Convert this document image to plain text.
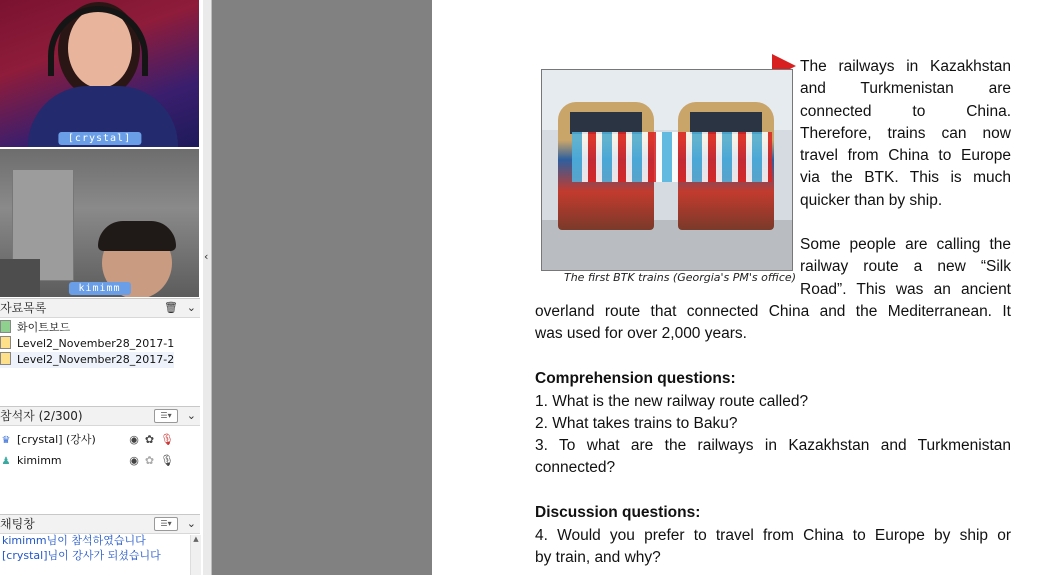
[crystal]
kimimm
자료목록	🗑 ⌄
화이트보드
Level2_November28_2017-1
Level2_November28_2017-2
참석자 (2/300)	☰▾	⌄
♛ [crystal] (강사)	◉✿🎙
♟ kimimm	◉✿🎙
채팅창	☰▾	⌄
kimimm님이 참석하였습니다
[crystal]님이 강사가 되셨습니다
▲
‹
The first BTK trains (Georgia's PM's office)
The railways in Kazakhstan
and Turkmenistan are
connected to China.
Therefore, trains can now
travel from China to Europe
via the BTK. This is much
quicker than by ship.
Some people are calling the
railway route a new “Silk
Road”. This was an ancient
overland route that connected China and the Mediterranean. It
was used for over 2,000 years.
Comprehension questions:
1. What is the new railway route called?
2. What takes trains to Baku?
3. To what are the railways in Kazakhstan and Turkmenistan
connected?
Discussion questions:
4. Would you prefer to travel from China to Europe by ship or
by train, and why?
